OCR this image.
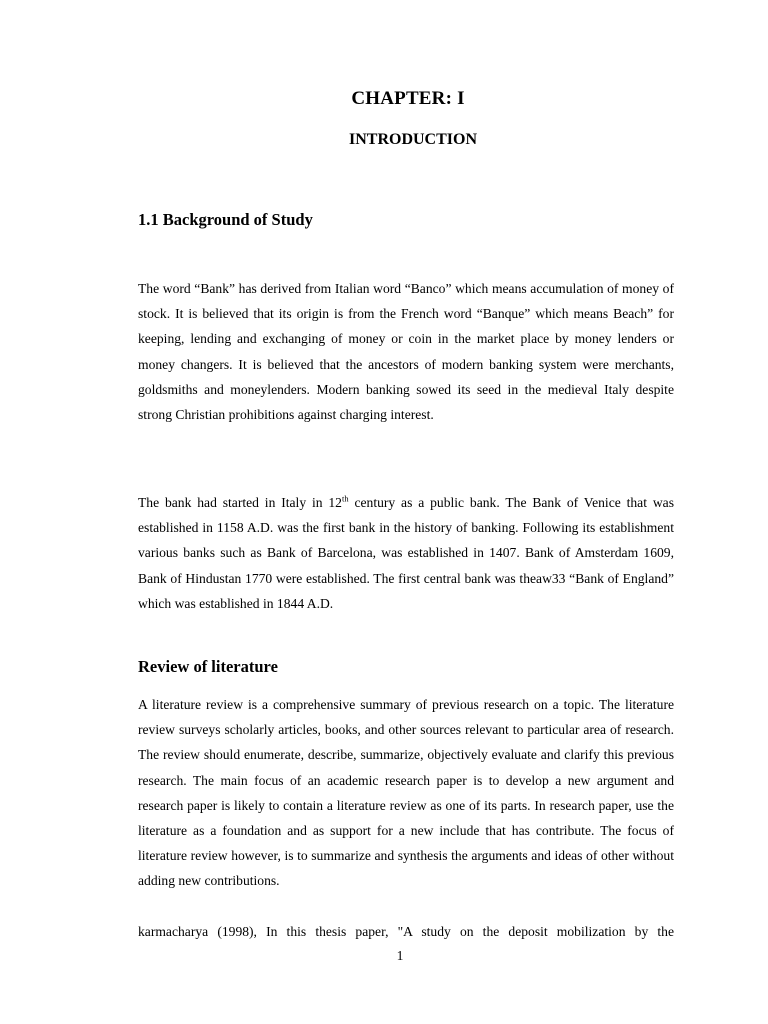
CHAPTER: I
INTRODUCTION
1.1 Background of Study

The word “Bank” has derived from Italian word “Banco” which means accumulation of money of stock. It is believed that its origin is from the French word “Banque” which means Beach” for keeping, lending and exchanging of money or coin in the market place by money lenders or money changers. It is believed that the ancestors of modern banking system were merchants, goldsmiths and moneylenders. Modern banking sowed its seed in the medieval Italy despite strong Christian prohibitions against charging interest.

The bank had started in Italy in 12th century as a public bank. The Bank of Venice that was established in 1158 A.D. was the first bank in the history of banking. Following its establishment various banks such as Bank of Barcelona, was established in 1407. Bank of Amsterdam 1609, Bank of Hindustan 1770 were established. The first central bank was theaw33 “Bank of England” which was established in 1844 A.D.

Review of literature

A literature review is a comprehensive summary of previous research on a topic. The literature review surveys scholarly articles, books, and other sources relevant to particular area of research. The review should enumerate, describe, summarize, objectively evaluate and clarify this previous research. The main focus of an academic research paper is to develop a new argument and research paper is likely to contain a literature review as one of its parts. In research paper, use the literature as a foundation and as support for a new include that has contribute. The focus of literature review however, is to summarize and synthesis the arguments and ideas of other without adding new contributions.

karmacharya (1998), In this thesis paper, "A study on the deposit mobilization by the

1
